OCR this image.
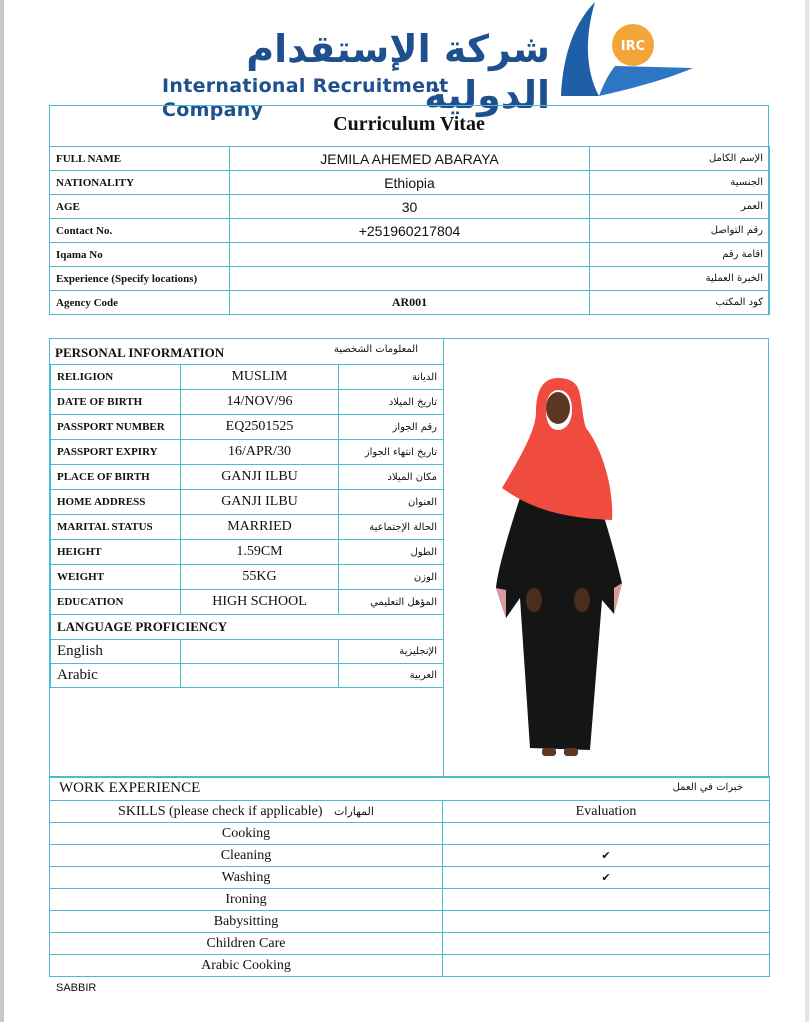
شركة الإستقدام الدولية
International Recruitment Company
IRC
Curriculum Vitae
FULL NAME	JEMILA AHEMED ABARAYA	الإسم الكامل
NATIONALITY	Ethiopia	الجنسية
AGE	30	العمر
Contact No.	+251960217804	رقم التواصل
Iqama No		اقامة رقم
Experience (Specify locations)		الخبرة العملية
Agency Code	AR001	كود المكتب
PERSONAL INFORMATION	المعلومات الشخصية
RELIGION	MUSLIM	الديانة
DATE OF BIRTH	14/NOV/96	تاريخ الميلاد
PASSPORT NUMBER	EQ2501525	رقم الجواز
PASSPORT EXPIRY	16/APR/30	تاريخ انتهاء الجواز
PLACE OF BIRTH	GANJI ILBU	مكان الميلاد
HOME ADDRESS	GANJI ILBU	العنوان
MARITAL STATUS	MARRIED	الحالة الإجتماعية
HEIGHT	1.59CM	الطول
WEIGHT	55KG	الوزن
EDUCATION	HIGH SCHOOL	المؤهل التعليمي
LANGUAGE PROFICIENCY		
English		الإنجليزية
Arabic		العربية
WORK EXPERIENCE خبرات في العمل	

SKILLS (please check if applicable) المهارات	Evaluation
Cooking	
Cleaning	✔
Washing	✔
Ironing	
Babysitting	
Children Care	
Arabic Cooking	
SABBIR
